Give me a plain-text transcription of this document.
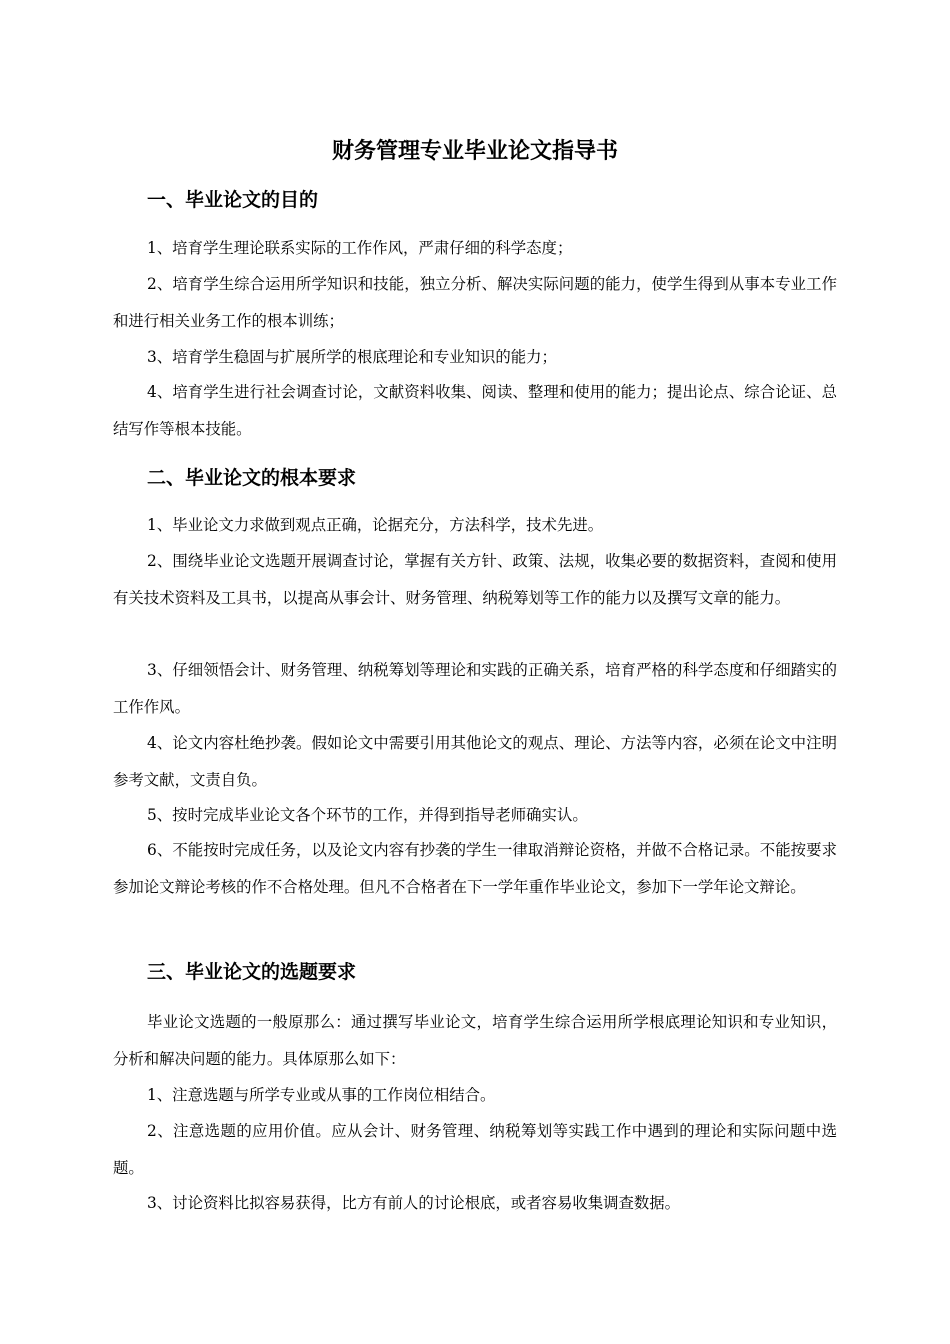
财务管理专业毕业论文指导书
一、毕业论文的目的

1、培育学生理论联系实际的工作作风，严肃仔细的科学态度；

2、培育学生综合运用所学知识和技能，独立分析、解决实际问题的能力，使学生得到从事本专业工作和进行相关业务工作的根本训练；

3、培育学生稳固与扩展所学的根底理论和专业知识的能力；

4、培育学生进行社会调查讨论，文献资料收集、阅读、整理和使用的能力；提出论点、综合论证、总结写作等根本技能。

二、毕业论文的根本要求

1、毕业论文力求做到观点正确，论据充分，方法科学，技术先进。

2、围绕毕业论文选题开展调查讨论，掌握有关方针、政策、法规，收集必要的数据资料，查阅和使用有关技术资料及工具书，以提高从事会计、财务管理、纳税筹划等工作的能力以及撰写文章的能力。

3、仔细领悟会计、财务管理、纳税筹划等理论和实践的正确关系，培育严格的科学态度和仔细踏实的工作作风。

4、论文内容杜绝抄袭。假如论文中需要引用其他论文的观点、理论、方法等内容，必须在论文中注明参考文献，文责自负。

5、按时完成毕业论文各个环节的工作，并得到指导老师确实认。

6、不能按时完成任务，以及论文内容有抄袭的学生一律取消辩论资格，并做不合格记录。不能按要求参加论文辩论考核的作不合格处理。但凡不合格者在下一学年重作毕业论文，参加下一学年论文辩论。

三、毕业论文的选题要求

毕业论文选题的一般原那么：通过撰写毕业论文，培育学生综合运用所学根底理论知识和专业知识，分析和解决问题的能力。具体原那么如下：

1、注意选题与所学专业或从事的工作岗位相结合。

2、注意选题的应用价值。应从会计、财务管理、纳税筹划等实践工作中遇到的理论和实际问题中选题。

3、讨论资料比拟容易获得，比方有前人的讨论根底，或者容易收集调查数据。
